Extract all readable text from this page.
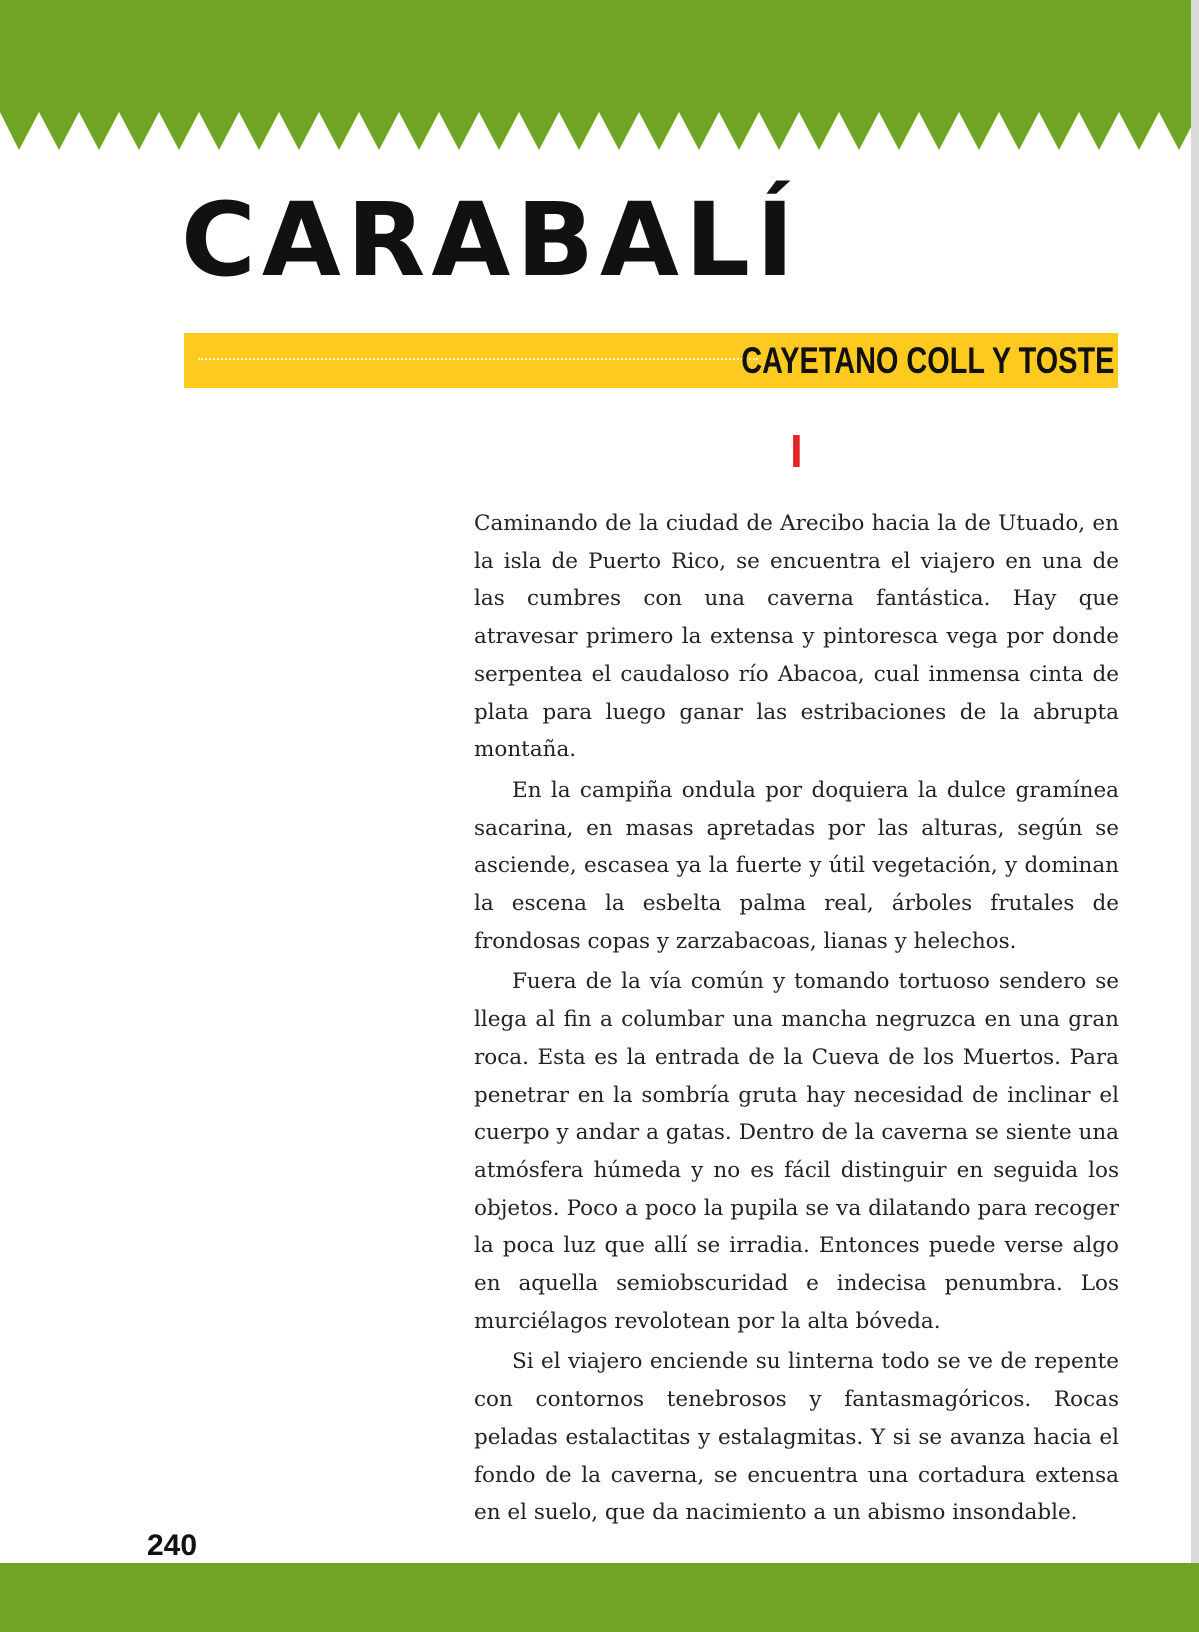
CARABALÍ

CAYETANO COLL Y TOSTE

I

Caminando de la ciudad de Arecibo hacia la de Utuado, en la isla de Puerto Rico, se encuentra el viajero en una de las cumbres con una caverna fantástica. Hay que atravesar primero la extensa y pintoresca vega por donde serpentea el caudaloso río Abacoa, cual inmensa cinta de plata para luego ganar las estribaciones de la abrupta montaña.

En la campiña ondula por doquiera la dulce gramínea sacarina, en masas apretadas por las alturas, según se asciende, escasea ya la fuerte y útil vegetación, y dominan la escena la esbelta palma real, árboles frutales de frondosas copas y zarzabacoas, lianas y helechos.

Fuera de la vía común y tomando tortuoso sendero se llega al fin a columbar una mancha negruzca en una gran roca. Esta es la entrada de la Cueva de los Muertos. Para penetrar en la sombría gruta hay necesidad de inclinar el cuerpo y andar a gatas. Dentro de la caverna se siente una atmósfera húmeda y no es fácil distinguir en seguida los objetos. Poco a poco la pupila se va dilatando para recoger la poca luz que allí se irradia. Entonces puede verse algo en aquella semiobscuridad e indecisa penumbra. Los murciélagos revolotean por la alta bóveda.

Si el viajero enciende su linterna todo se ve de repente con contornos tenebrosos y fantasmagóricos. Rocas peladas estalactitas y estalagmitas. Y si se avanza hacia el fondo de la caverna, se encuentra una cortadura extensa en el suelo, que da nacimiento a un abismo insondable.

240
